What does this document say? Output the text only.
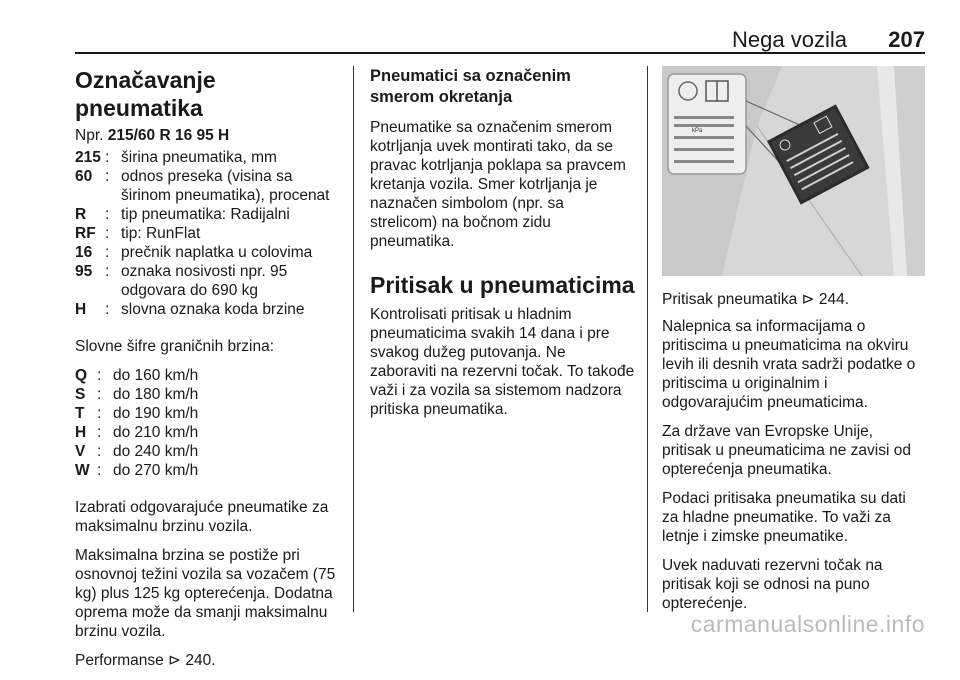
Nega vozila 207
Označavanje pneumatika
Npr. 215/60 R 16 95 H
215 : širina pneumatika, mm
60 : odnos preseka (visina sa širinom pneumatika), procenat
R	: tip pneumatika: Radijalni
RF : tip: RunFlat
16 : prečnik naplatka u colovima
95 : oznaka nosivosti npr. 95 odgovara do 690 kg
H	: slovna oznaka koda brzine

Slovne šifre graničnih brzina:

Q : do 160 km/h
S : do 180 km/h
T : do 190 km/h
H : do 210 km/h
V : do 240 km/h
W : do 270 km/h

Izabrati odgovarajuće pneumatike za maksimalnu brzinu vozila.

Maksimalna brzina se postiže pri osnovnoj težini vozila sa vozačem (75 kg) plus 125 kg opterećenja. Dodatna oprema može da smanji maksimalnu brzinu vozila.

Performanse ⊳ 240.

Pneumatici sa označenim smerom okretanja

Pneumatike sa označenim smerom kotrljanja uvek montirati tako, da se pravac kotrljanja poklapa sa pravcem kretanja vozila. Smer kotrljanja je naznačen simbolom (npr. sa strelicom) na bočnom zidu pneumatika.

Pritisak u pneumaticima

Kontrolisati pritisak u hladnim pneumaticima svakih 14 dana i pre svakog dužeg putovanja. Ne zaboraviti na rezervni točak. To takođe važi i za vozila sa sistemom nadzora pritiska pneumatika.

kPa

Pritisak pneumatika ⊳ 244.

Nalepnica sa informacijama o pritiscima u pneumaticima na okviru levih ili desnih vrata sadrži podatke o pritiscima u originalnim i odgovarajućim pneumaticima.

Za države van Evropske Unije, pritisak u pneumaticima ne zavisi od opterećenja pneumatika.

Podaci pritisaka pneumatika su dati za hladne pneumatike. To važi za letnje i zimske pneumatike.

Uvek naduvati rezervni točak na pritisak koji se odnosi na puno opterećenje.

carmanualsonline.info
